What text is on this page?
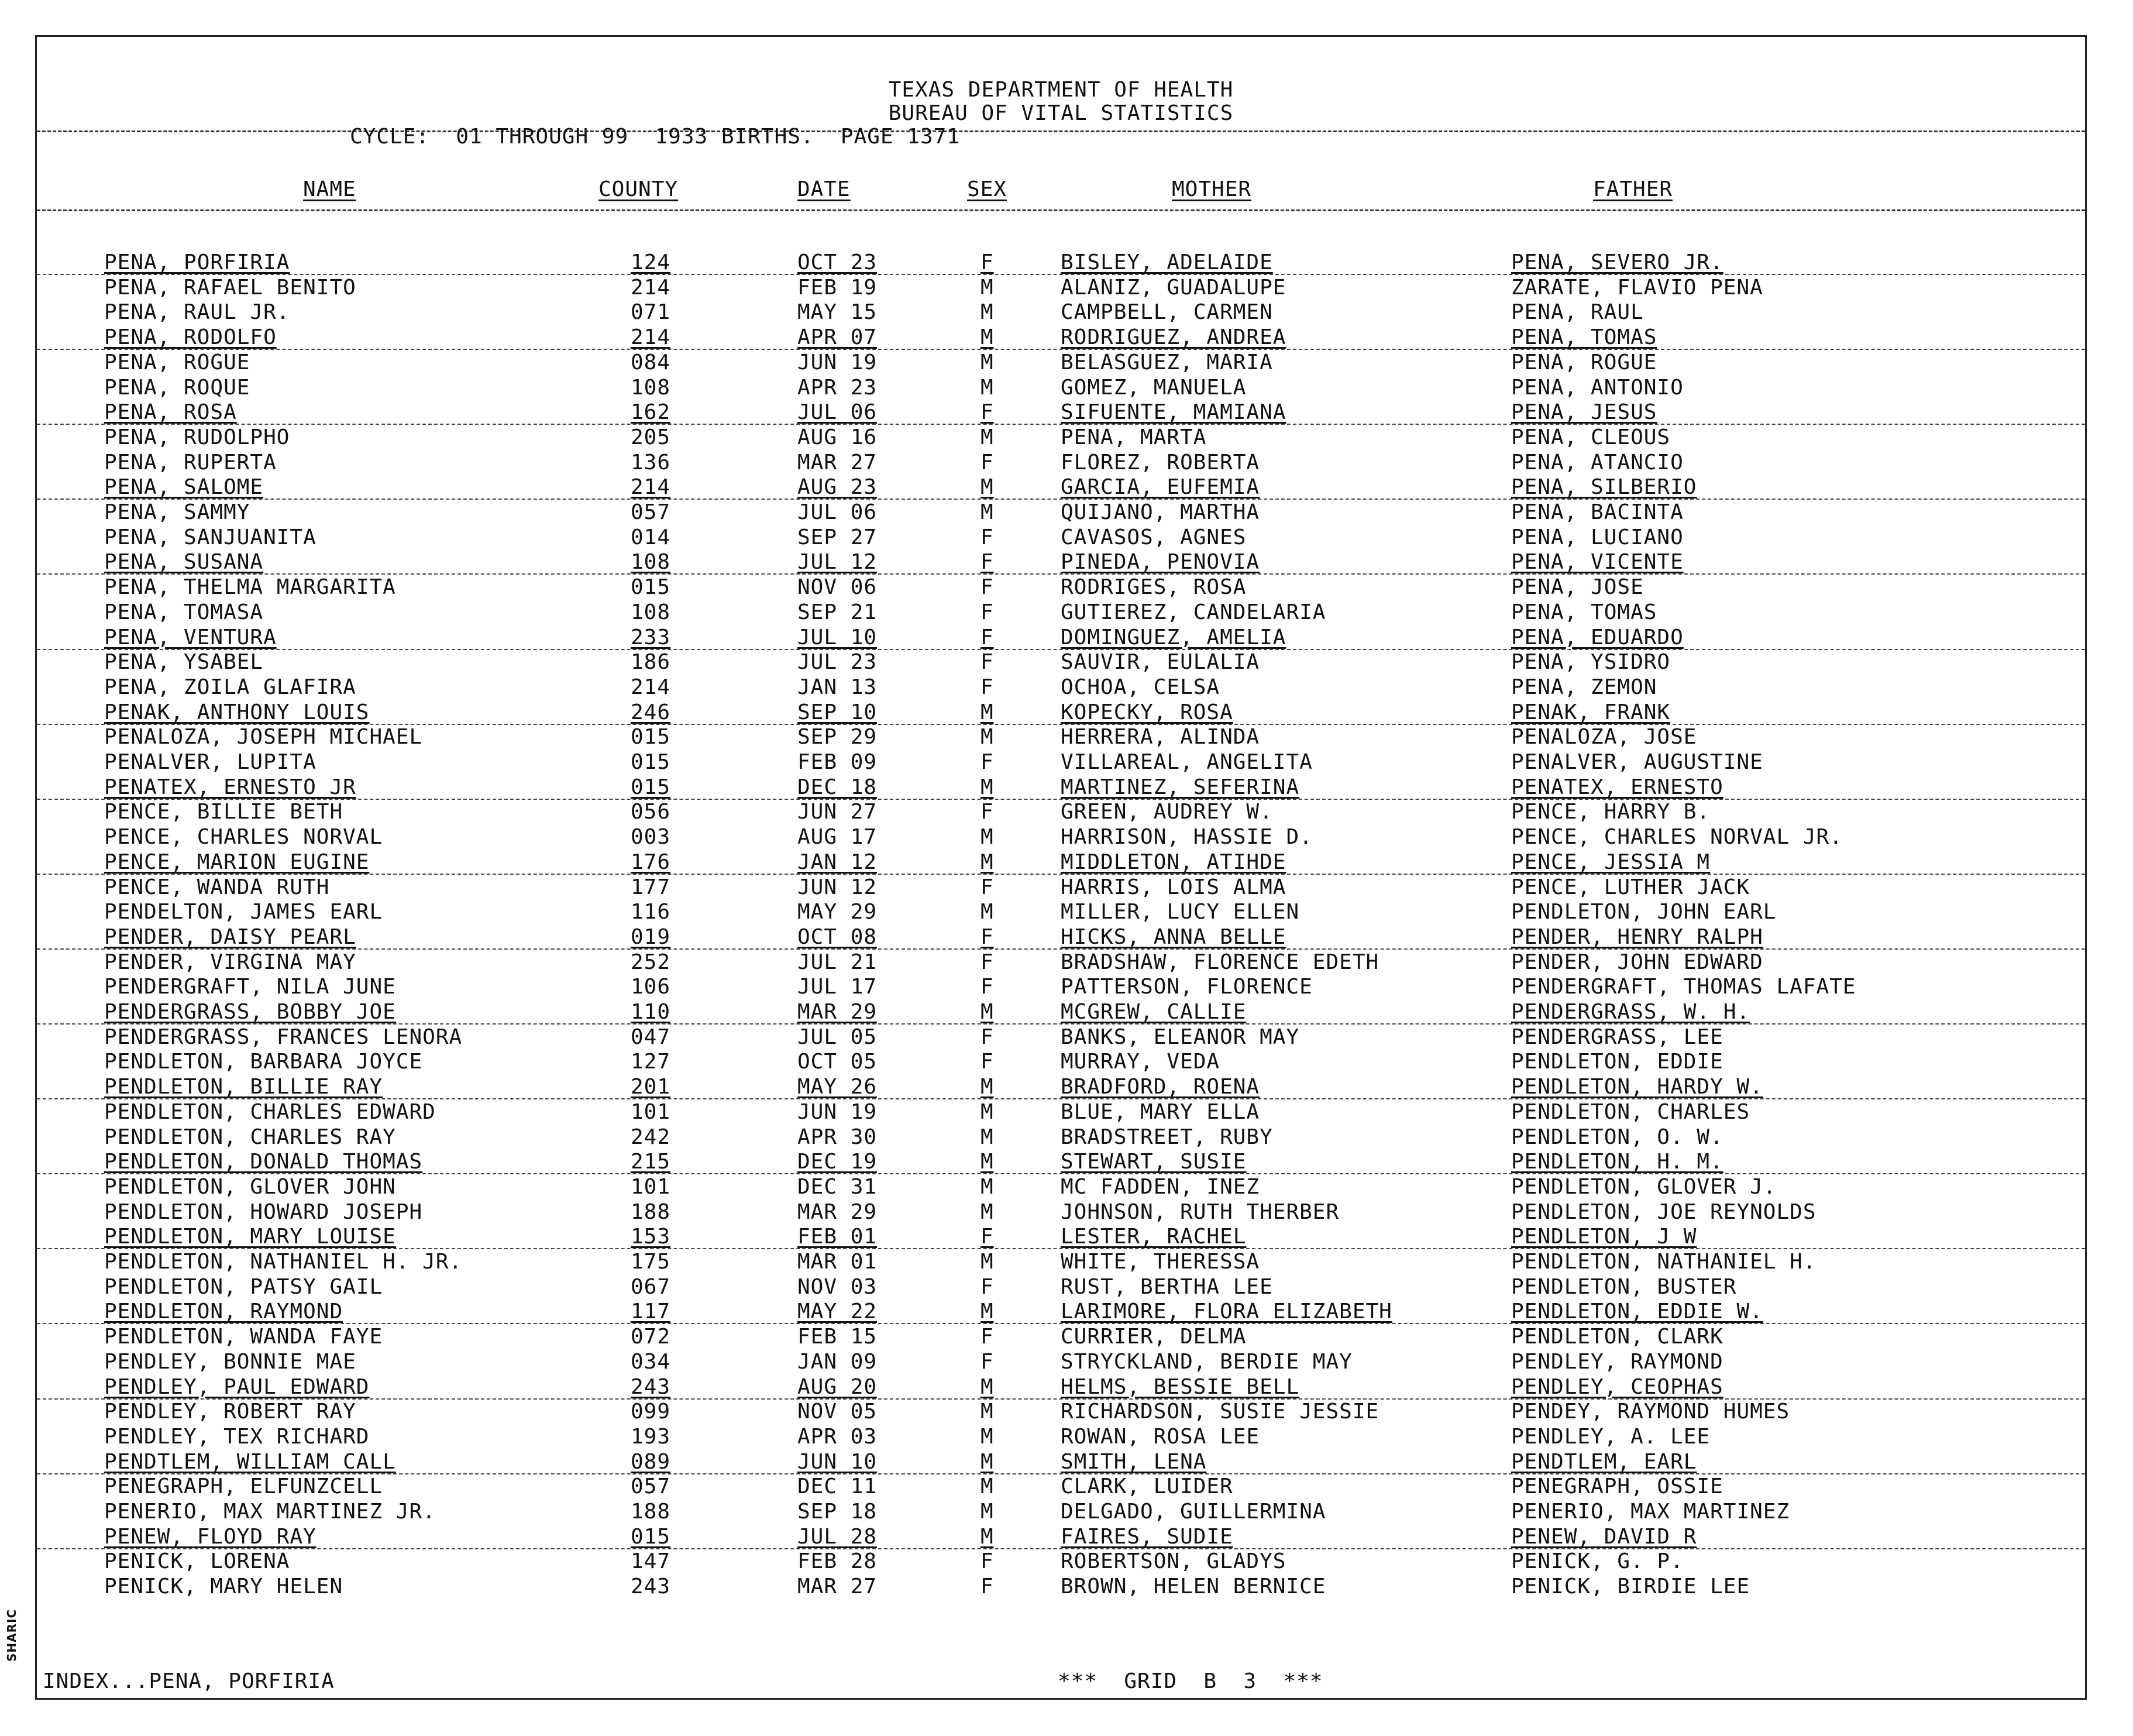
TEXAS DEPARTMENT OF HEALTH
BUREAU OF VITAL STATISTICS
CYCLE:  01 THROUGH 99  1933 BIRTHS.  PAGE 1371
NAME	COUNTY	DATE	SEX	MOTHER	FATHER
PENA, PORFIRIA	124	OCT 23	F	BISLEY, ADELAIDE	PENA, SEVERO JR.
PENA, RAFAEL BENITO	214	FEB 19	M	ALANIZ, GUADALUPE	ZARATE, FLAVIO PENA
PENA, RAUL JR.	071	MAY 15	M	CAMPBELL, CARMEN	PENA, RAUL
PENA, RODOLFO	214	APR 07	M	RODRIGUEZ, ANDREA	PENA, TOMAS
PENA, ROGUE	084	JUN 19	M	BELASGUEZ, MARIA	PENA, ROGUE
PENA, ROQUE	108	APR 23	M	GOMEZ, MANUELA	PENA, ANTONIO
PENA, ROSA	162	JUL 06	F	SIFUENTE, MAMIANA	PENA, JESUS
PENA, RUDOLPHO	205	AUG 16	M	PENA, MARTA	PENA, CLEOUS
PENA, RUPERTA	136	MAR 27	F	FLOREZ, ROBERTA	PENA, ATANCIO
PENA, SALOME	214	AUG 23	M	GARCIA, EUFEMIA	PENA, SILBERIO
PENA, SAMMY	057	JUL 06	M	QUIJANO, MARTHA	PENA, BACINTA
PENA, SANJUANITA	014	SEP 27	F	CAVASOS, AGNES	PENA, LUCIANO
PENA, SUSANA	108	JUL 12	F	PINEDA, PENOVIA	PENA, VICENTE
PENA, THELMA MARGARITA	015	NOV 06	F	RODRIGES, ROSA	PENA, JOSE
PENA, TOMASA	108	SEP 21	F	GUTIEREZ, CANDELARIA	PENA, TOMAS
PENA, VENTURA	233	JUL 10	F	DOMINGUEZ, AMELIA	PENA, EDUARDO
PENA, YSABEL	186	JUL 23	F	SAUVIR, EULALIA	PENA, YSIDRO
PENA, ZOILA GLAFIRA	214	JAN 13	F	OCHOA, CELSA	PENA, ZEMON
PENAK, ANTHONY LOUIS	246	SEP 10	M	KOPECKY, ROSA	PENAK, FRANK
PENALOZA, JOSEPH MICHAEL	015	SEP 29	M	HERRERA, ALINDA	PENALOZA, JOSE
PENALVER, LUPITA	015	FEB 09	F	VILLAREAL, ANGELITA	PENALVER, AUGUSTINE
PENATEX, ERNESTO JR	015	DEC 18	M	MARTINEZ, SEFERINA	PENATEX, ERNESTO
PENCE, BILLIE BETH	056	JUN 27	F	GREEN, AUDREY W.	PENCE, HARRY B.
PENCE, CHARLES NORVAL	003	AUG 17	M	HARRISON, HASSIE D.	PENCE, CHARLES NORVAL JR.
PENCE, MARION EUGINE	176	JAN 12	M	MIDDLETON, ATIHDE	PENCE, JESSIA M
PENCE, WANDA RUTH	177	JUN 12	F	HARRIS, LOIS ALMA	PENCE, LUTHER JACK
PENDELTON, JAMES EARL	116	MAY 29	M	MILLER, LUCY ELLEN	PENDLETON, JOHN EARL
PENDER, DAISY PEARL	019	OCT 08	F	HICKS, ANNA BELLE	PENDER, HENRY RALPH
PENDER, VIRGINA MAY	252	JUL 21	F	BRADSHAW, FLORENCE EDETH	PENDER, JOHN EDWARD
PENDERGRAFT, NILA JUNE	106	JUL 17	F	PATTERSON, FLORENCE	PENDERGRAFT, THOMAS LAFATE
PENDERGRASS, BOBBY JOE	110	MAR 29	M	MCGREW, CALLIE	PENDERGRASS, W. H.
PENDERGRASS, FRANCES LENORA	047	JUL 05	F	BANKS, ELEANOR MAY	PENDERGRASS, LEE
PENDLETON, BARBARA JOYCE	127	OCT 05	F	MURRAY, VEDA	PENDLETON, EDDIE
PENDLETON, BILLIE RAY	201	MAY 26	M	BRADFORD, ROENA	PENDLETON, HARDY W.
PENDLETON, CHARLES EDWARD	101	JUN 19	M	BLUE, MARY ELLA	PENDLETON, CHARLES
PENDLETON, CHARLES RAY	242	APR 30	M	BRADSTREET, RUBY	PENDLETON, O. W.
PENDLETON, DONALD THOMAS	215	DEC 19	M	STEWART, SUSIE	PENDLETON, H. M.
PENDLETON, GLOVER JOHN	101	DEC 31	M	MC FADDEN, INEZ	PENDLETON, GLOVER J.
PENDLETON, HOWARD JOSEPH	188	MAR 29	M	JOHNSON, RUTH THERBER	PENDLETON, JOE REYNOLDS
PENDLETON, MARY LOUISE	153	FEB 01	F	LESTER, RACHEL	PENDLETON, J W
PENDLETON, NATHANIEL H. JR.	175	MAR 01	M	WHITE, THERESSA	PENDLETON, NATHANIEL H.
PENDLETON, PATSY GAIL	067	NOV 03	F	RUST, BERTHA LEE	PENDLETON, BUSTER
PENDLETON, RAYMOND	117	MAY 22	M	LARIMORE, FLORA ELIZABETH	PENDLETON, EDDIE W.
PENDLETON, WANDA FAYE	072	FEB 15	F	CURRIER, DELMA	PENDLETON, CLARK
PENDLEY, BONNIE MAE	034	JAN 09	F	STRYCKLAND, BERDIE MAY	PENDLEY, RAYMOND
PENDLEY, PAUL EDWARD	243	AUG 20	M	HELMS, BESSIE BELL	PENDLEY, CEOPHAS
PENDLEY, ROBERT RAY	099	NOV 05	M	RICHARDSON, SUSIE JESSIE	PENDEY, RAYMOND HUMES
PENDLEY, TEX RICHARD	193	APR 03	M	ROWAN, ROSA LEE	PENDLEY, A. LEE
PENDTLEM, WILLIAM CALL	089	JUN 10	M	SMITH, LENA	PENDTLEM, EARL
PENEGRAPH, ELFUNZCELL	057	DEC 11	M	CLARK, LUIDER	PENEGRAPH, OSSIE
PENERIO, MAX MARTINEZ JR.	188	SEP 18	M	DELGADO, GUILLERMINA	PENERIO, MAX MARTINEZ
PENEW, FLOYD RAY	015	JUL 28	M	FAIRES, SUDIE	PENEW, DAVID R
PENICK, LORENA	147	FEB 28	F	ROBERTSON, GLADYS	PENICK, G. P.
PENICK, MARY HELEN	243	MAR 27	F	BROWN, HELEN BERNICE	PENICK, BIRDIE LEE
INDEX...PENA, PORFIRIA	***  GRID  B  3  ***
SHARIC
